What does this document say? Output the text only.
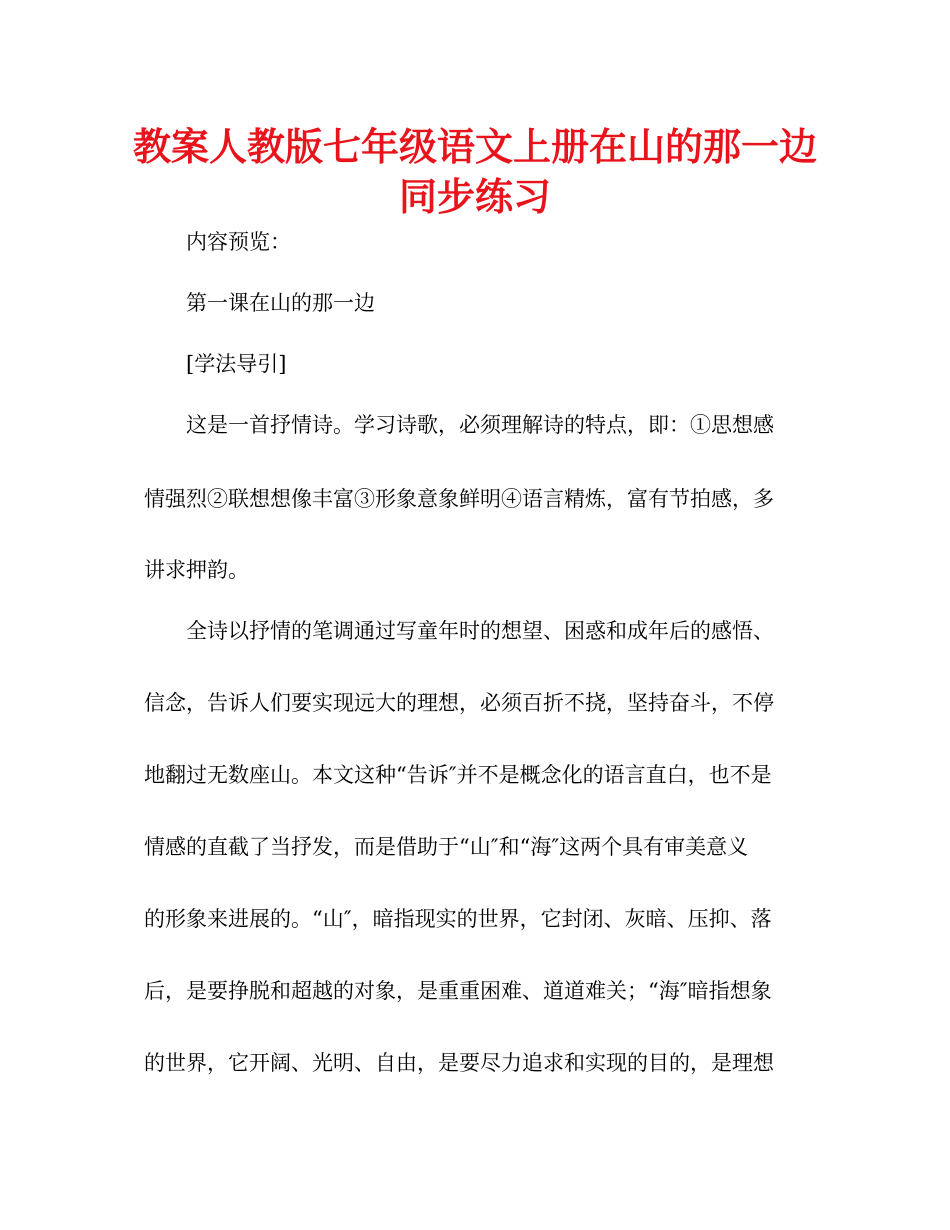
教案人教版七年级语文上册在山的那一边
同步练习

内容预览：

第一课在山的那一边

[学法导引]

这是一首抒情诗。学习诗歌，必须理解诗的特点，即：①思想感

情强烈②联想想像丰富③形象意象鲜明④语言精炼，富有节拍感，多

讲求押韵。

全诗以抒情的笔调通过写童年时的想望、困惑和成年后的感悟、

信念，告诉人们要实现远大的理想，必须百折不挠，坚持奋斗，不停

地翻过无数座山。本文这种“告诉″并不是概念化的语言直白，也不是

情感的直截了当抒发，而是借助于“山″和“海″这两个具有审美意义

的形象来进展的。“山″，暗指现实的世界，它封闭、灰暗、压抑、落

后，是要挣脱和超越的对象，是重重困难、道道难关；“海″暗指想象

的世界，它开阔、光明、自由，是要尽力追求和实现的目的，是理想
